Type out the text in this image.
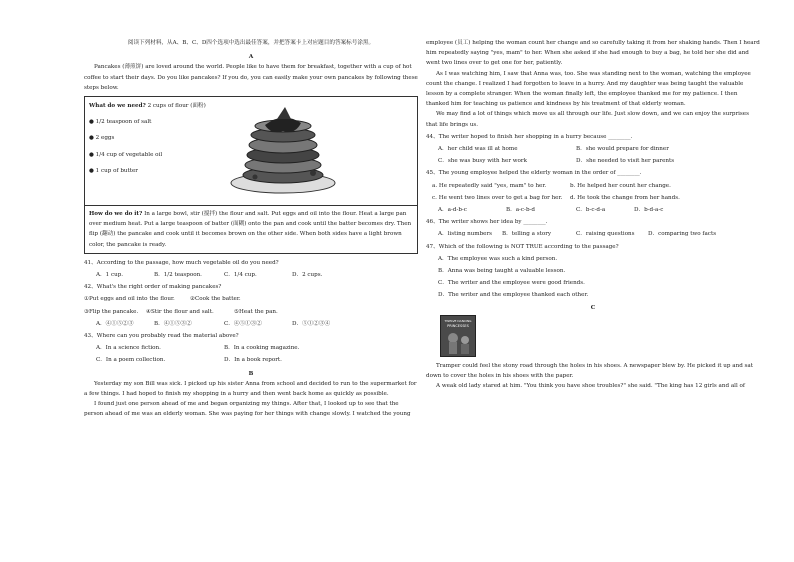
阅读下列材料，从A、B、C、D四个选项中选出最佳答案，并把答案卡上对应题目的答案标号涂黑。

A

Pancakes (薄煎饼) are loved around the world. People like to have them for breakfast, together with a cup of hot coffee to start their days. Do you like pancakes? If you do, you can easily make your own pancakes by following these steps below.

What do we need? 2 cups of flour (面粉)

● 1/2 teaspoon of salt

● 2 eggs

● 1/4 cup of vegetable oil

● 1 cup of butter

How do we do it? In a large bowl, stir (搅拌) the flour and salt. Put eggs and oil into the flour. Heat a large pan over medium heat. Put a large teaspoon of batter (面糊) onto the pan and cook until the batter becomes dry. Then flip (翻动) the pancake and cook until it becomes brown on the other side. When both sides have a light brown color, the pancake is ready.

41、According to the passage, how much vegetable oil do you need?

A．1 cup.	B．1/2 teaspoon.	C．1/4 cup.	D．2 cups.

42、What's the right order of making pancakes?

①Put eggs and oil into the flour.	②Cook the batter.

③Flip the pancake. ④Stir the flour and salt.	⑤Heat the pan.

A．④①⑤②③	B．④①⑤③②	C．④⑤①③②	D．⑤①②③④

43、Where can you probably read the material above?

A．In a science fiction.	B．In a cooking magazine.

C．In a poem collection.	D．In a book report.

B

Yesterday my son Bill was sick. I picked up his sister Anna from school and decided to run to the supermarket for a few things. I had hoped to finish my shopping in a hurry and then went back home as quickly as possible.

I found just one person ahead of me and began organizing my things. After that, I looked up to see that the person ahead of me was an elderly woman. She was paying for her things with change slowly. I watched the young

employee (员工) helping the woman count her change and so carefully taking it from her shaking hands. Then I heard him repeatedly saying "yes, mam" to her. When she asked if she had enough to buy a bag, he told her she did and went two lines over to get one for her, patiently.

As I was watching him, I saw that Anna was, too. She was standing next to the woman, watching the employee count the change. I realized I had forgotten to leave in a hurry. And my daughter was being taught the valuable lesson by a complete stranger. When the woman finally left, the employee thanked me for my patience. I then thanked him for teaching us patience and kindness by his treatment of that elderly woman.

We may find a lot of things which move us all through our life. Just slow down, and we can enjoy the surprises that life brings us.

44、The writer hoped to finish her shopping in a hurry because ________.

A．her child was ill at home	B．she would prepare for dinner

C．she was busy with her work	D．she needed to visit her parents

45、The young employee helped the elderly woman in the order of ________.

a. He repeatedly said "yes, mam" to her.	b. He helped her count her change.

c. He went two lines over to get a bag for her. d. He took the change from her hands.

A．a-d-b-c	B．a-c-b-d	C．b-c-d-a	D．b-d-a-c

46、The writer shows her idea by ________.

A．listing numbers B．telling a story	C．raising questions D．comparing two facts

47、Which of the following is NOT TRUE according to the passage?

A．The employee was such a kind person.

B．Anna was being taught a valuable lesson.

C．The writer and the employee were good friends.

D．The writer and the employee thanked each other.

C

TWELVE DANCING
PRINCESSES

Tramper could feel the stony road through the holes in his shoes. A newspaper blew by. He picked it up and sat down to cover the holes in his shoes with the paper.

A weak old lady stared at him. "You think you have shoe troubles?" she said. "The king has 12 girls and all of
